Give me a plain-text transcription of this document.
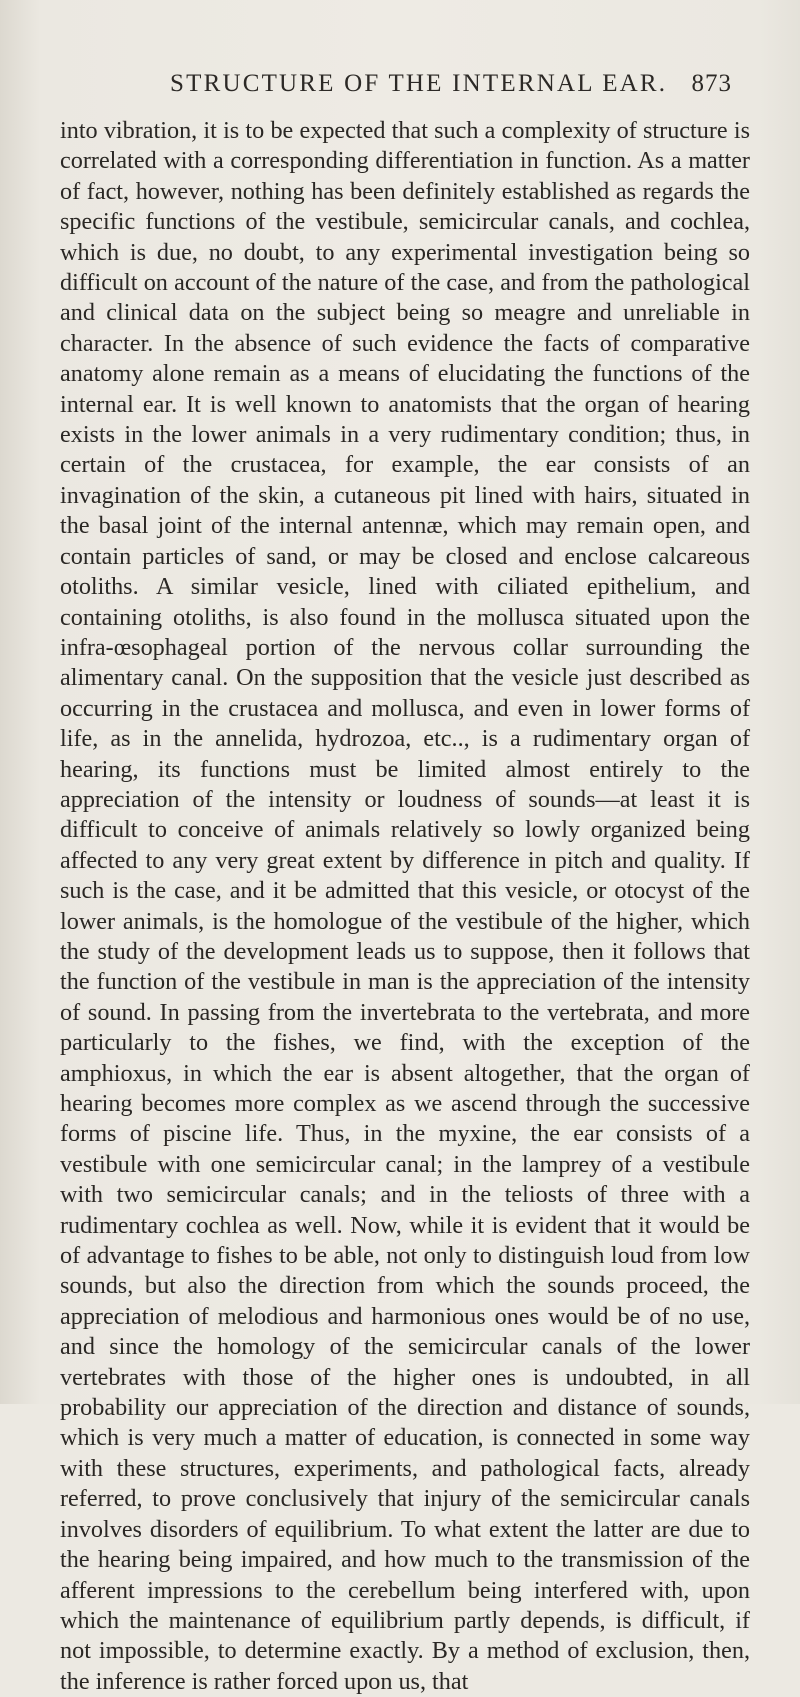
STRUCTURE OF THE INTERNAL EAR. 873

into vibration, it is to be expected that such a complexity of structure is correlated with a corresponding differentiation in function. As a matter of fact, however, nothing has been definitely established as regards the specific functions of the vestibule, semicircular canals, and cochlea, which is due, no doubt, to any experimental investigation being so difficult on account of the nature of the case, and from the pathological and clinical data on the subject being so meagre and unreliable in character. In the absence of such evidence the facts of comparative anatomy alone remain as a means of elucidating the functions of the internal ear. It is well known to anatomists that the organ of hearing exists in the lower animals in a very rudimentary condition; thus, in certain of the crustacea, for example, the ear consists of an invagination of the skin, a cutaneous pit lined with hairs, situated in the basal joint of the internal antennæ, which may remain open, and contain particles of sand, or may be closed and enclose calcareous otoliths. A similar vesicle, lined with ciliated epithelium, and containing otoliths, is also found in the mollusca situated upon the infra-œsophageal portion of the nervous collar surrounding the alimentary canal. On the supposition that the vesicle just described as occurring in the crustacea and mollusca, and even in lower forms of life, as in the annelida, hydrozoa, etc.., is a rudimentary organ of hearing, its functions must be limited almost entirely to the appreciation of the intensity or loudness of sounds—at least it is difficult to conceive of animals relatively so lowly organized being affected to any very great extent by difference in pitch and quality. If such is the case, and it be admitted that this vesicle, or otocyst of the lower animals, is the homologue of the vestibule of the higher, which the study of the development leads us to suppose, then it follows that the function of the vestibule in man is the appreciation of the intensity of sound. In passing from the invertebrata to the vertebrata, and more particularly to the fishes, we find, with the exception of the amphioxus, in which the ear is absent altogether, that the organ of hearing becomes more complex as we ascend through the successive forms of piscine life. Thus, in the myxine, the ear consists of a vestibule with one semicircular canal; in the lamprey of a vestibule with two semicircular canals; and in the teliosts of three with a rudimentary cochlea as well. Now, while it is evident that it would be of advantage to fishes to be able, not only to distinguish loud from low sounds, but also the direction from which the sounds proceed, the appreciation of melodious and harmonious ones would be of no use, and since the homology of the semicircular canals of the lower vertebrates with those of the higher ones is undoubted, in all probability our appreciation of the direction and distance of sounds, which is very much a matter of education, is connected in some way with these structures, experiments, and pathological facts, already referred, to prove conclusively that injury of the semicircular canals involves disorders of equilibrium. To what extent the latter are due to the hearing being impaired, and how much to the transmission of the afferent impressions to the cerebellum being interfered with, upon which the maintenance of equilibrium partly depends, is difficult, if not impossible, to determine exactly. By a method of exclusion, then, the inference is rather forced upon us, that
